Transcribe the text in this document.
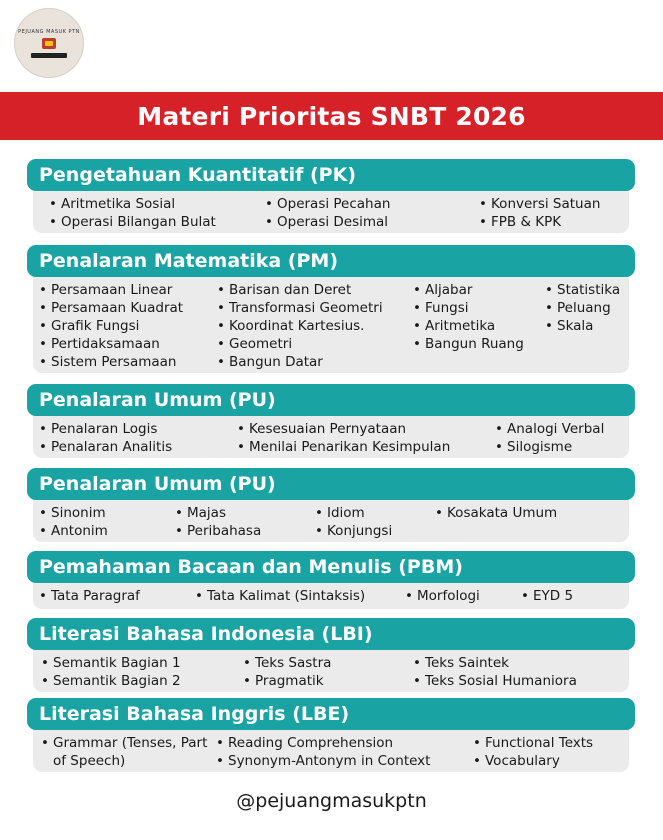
PEJUANG MASUK PTN
Materi Prioritas SNBT 2026
Pengetahuan Kuantitatif (PK)
• Aritmetika Sosial
• Operasi Bilangan Bulat
• Operasi Pecahan
• Operasi Desimal
• Konversi Satuan
• FPB & KPK
Penalaran Matematika (PM)
• Persamaan Linear
• Persamaan Kuadrat
• Grafik Fungsi
• Pertidaksamaan
• Sistem Persamaan
• Barisan dan Deret
• Transformasi Geometri
• Koordinat Kartesius.
• Geometri
• Bangun Datar
• Aljabar
• Fungsi
• Aritmetika
• Bangun Ruang
• Statistika
• Peluang
• Skala
Penalaran Umum (PU)
• Penalaran Logis
• Penalaran Analitis
• Kesesuaian Pernyataan
• Menilai Penarikan Kesimpulan
• Analogi Verbal
• Silogisme
Penalaran Umum (PU)
• Sinonim
• Antonim
• Majas
• Peribahasa
• Idiom
• Konjungsi
• Kosakata Umum
Pemahaman Bacaan dan Menulis (PBM)
• Tata Paragraf	• Tata Kalimat (Sintaksis)	• Morfologi	• EYD 5
Literasi Bahasa Indonesia (LBI)
• Semantik Bagian 1
• Semantik Bagian 2
• Teks Sastra
• Pragmatik
• Teks Saintek
• Teks Sosial Humaniora
Literasi Bahasa Inggris (LBE)
• Grammar (Tenses, Part of Speech)
• Reading Comprehension
• Synonym-Antonym in Context
• Functional Texts
• Vocabulary
@pejuangmasukptn
